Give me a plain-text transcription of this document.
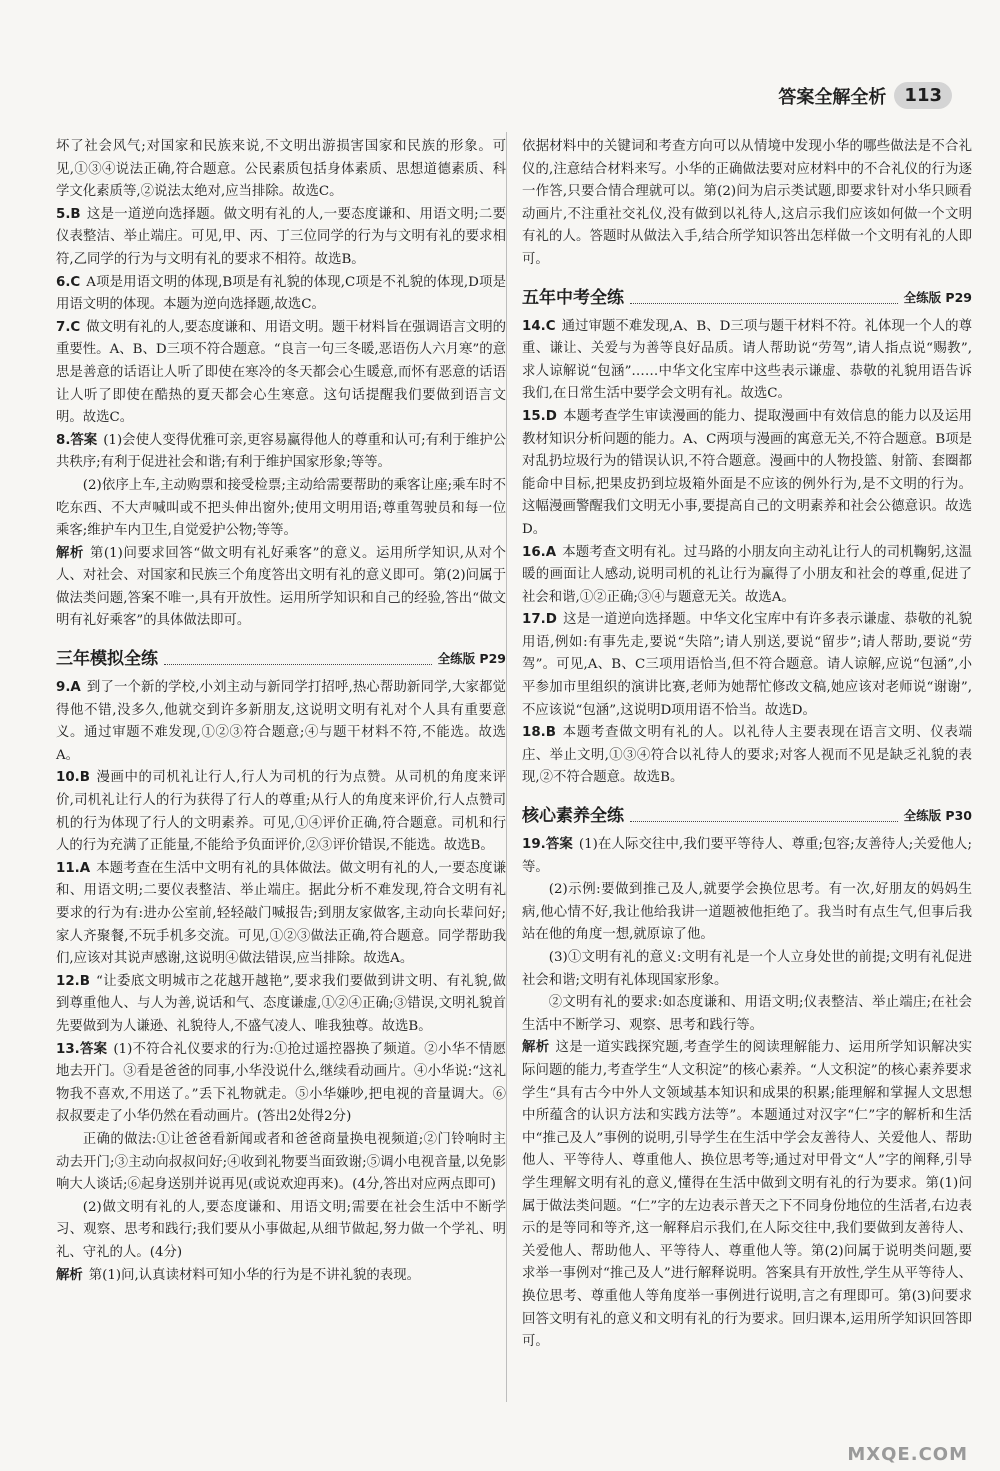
答案全解全析	113

坏了社会风气;对国家和民族来说,不文明出游损害国家和民族的形象。可见,①③④说法正确,符合题意。公民素质包括身体素质、思想道德素质、科学文化素质等,②说法太绝对,应当排除。故选C。

5.B 这是一道逆向选择题。做文明有礼的人,一要态度谦和、用语文明;二要仪表整洁、举止端庄。可见,甲、丙、丁三位同学的行为与文明有礼的要求相符,乙同学的行为与文明有礼的要求不相符。故选B。

6.C A项是用语文明的体现,B项是有礼貌的体现,C项是不礼貌的体现,D项是用语文明的体现。本题为逆向选择题,故选C。

7.C 做文明有礼的人,要态度谦和、用语文明。题干材料旨在强调语言文明的重要性。A、B、D三项不符合题意。“良言一句三冬暖,恶语伤人六月寒”的意思是善意的话语让人听了即使在寒冷的冬天都会心生暖意,而怀有恶意的话语让人听了即使在酷热的夏天都会心生寒意。这句话提醒我们要做到语言文明。故选C。

8.答案 (1)会使人变得优雅可亲,更容易赢得他人的尊重和认可;有利于维护公共秩序;有利于促进社会和谐;有利于维护国家形象;等等。

(2)依序上车,主动购票和接受检票;主动给需要帮助的乘客让座;乘车时不吃东西、不大声喊叫或不把头伸出窗外;使用文明用语;尊重驾驶员和每一位乘客;维护车内卫生,自觉爱护公物;等等。

解析 第(1)问要求回答“做文明有礼好乘客”的意义。运用所学知识,从对个人、对社会、对国家和民族三个角度答出文明有礼的意义即可。第(2)问属于做法类问题,答案不唯一,具有开放性。运用所学知识和自己的经验,答出“做文明有礼好乘客”的具体做法即可。

三年模拟全练	全练版 P29

9.A 到了一个新的学校,小刘主动与新同学打招呼,热心帮助新同学,大家都觉得他不错,没多久,他就交到许多新朋友,这说明文明有礼对个人具有重要意义。通过审题不难发现,①②③符合题意;④与题干材料不符,不能选。故选A。

10.B 漫画中的司机礼让行人,行人为司机的行为点赞。从司机的角度来评价,司机礼让行人的行为获得了行人的尊重;从行人的角度来评价,行人点赞司机的行为体现了行人的文明素养。可见,①④评价正确,符合题意。司机和行人的行为充满了正能量,不能给予负面评价,②③评价错误,不能选。故选B。

11.A 本题考查在生活中文明有礼的具体做法。做文明有礼的人,一要态度谦和、用语文明;二要仪表整洁、举止端庄。据此分析不难发现,符合文明有礼要求的行为有:进办公室前,轻轻敲门喊报告;到朋友家做客,主动向长辈问好;家人齐聚餐,不玩手机多交流。可见,①②③做法正确,符合题意。同学帮助我们,应该对其说声感谢,这说明④做法错误,应当排除。故选A。

12.B “让委底文明城市之花越开越艳”,要求我们要做到讲文明、有礼貌,做到尊重他人、与人为善,说话和气、态度谦虚,①②④正确;③错误,文明礼貌首先要做到为人谦逊、礼貌待人,不盛气凌人、唯我独尊。故选B。

13.答案 (1)不符合礼仪要求的行为:①抢过遥控器换了频道。②小华不情愿地去开门。③看是爸爸的同事,小华没说什么,继续看动画片。④小华说:“这礼物我不喜欢,不用送了。”丢下礼物就走。⑤小华嫌吵,把电视的音量调大。⑥叔叔要走了小华仍然在看动画片。(答出2处得2分)

正确的做法:①让爸爸看新闻或者和爸爸商量换电视频道;②门铃响时主动去开门;③主动向叔叔问好;④收到礼物要当面致谢;⑤调小电视音量,以免影响大人谈话;⑥起身送别并说再见(或说欢迎再来)。(4分,答出对应两点即可)

(2)做文明有礼的人,要态度谦和、用语文明;需要在社会生活中不断学习、观察、思考和践行;我们要从小事做起,从细节做起,努力做一个学礼、明礼、守礼的人。(4分)

解析 第(1)问,认真读材料可知小华的行为是不讲礼貌的表现。

依据材料中的关键词和考查方向可以从情境中发现小华的哪些做法是不合礼仪的,注意结合材料来写。小华的正确做法要对应材料中的不合礼仪的行为逐一作答,只要合情合理就可以。第(2)问为启示类试题,即要求针对小华只顾看动画片,不注重社交礼仪,没有做到以礼待人,这启示我们应该如何做一个文明有礼的人。答题时从做法入手,结合所学知识答出怎样做一个文明有礼的人即可。

五年中考全练	全练版 P29

14.C 通过审题不难发现,A、B、D三项与题干材料不符。礼体现一个人的尊重、谦让、关爱与为善等良好品质。请人帮助说“劳驾”,请人指点说“赐教”,求人谅解说“包涵”……中华文化宝库中这些表示谦虚、恭敬的礼貌用语告诉我们,在日常生活中要学会文明有礼。故选C。

15.D 本题考查学生审读漫画的能力、提取漫画中有效信息的能力以及运用教材知识分析问题的能力。A、C两项与漫画的寓意无关,不符合题意。B项是对乱扔垃圾行为的错误认识,不符合题意。漫画中的人物投篮、射箭、套圈都能命中目标,把果皮扔到垃圾箱外面是不应该的例外行为,是不文明的行为。这幅漫画警醒我们文明无小事,要提高自己的文明素养和社会公德意识。故选D。

16.A 本题考查文明有礼。过马路的小朋友向主动礼让行人的司机鞠躬,这温暖的画面让人感动,说明司机的礼让行为赢得了小朋友和社会的尊重,促进了社会和谐,①②正确;③④与题意无关。故选A。

17.D 这是一道逆向选择题。中华文化宝库中有许多表示谦虚、恭敬的礼貌用语,例如:有事先走,要说“失陪”;请人别送,要说“留步”;请人帮助,要说“劳驾”。可见,A、B、C三项用语恰当,但不符合题意。请人谅解,应说“包涵”,小平参加市里组织的演讲比赛,老师为她帮忙修改文稿,她应该对老师说“谢谢”,不应该说“包涵”,这说明D项用语不恰当。故选D。

18.B 本题考查做文明有礼的人。以礼待人主要表现在语言文明、仪表端庄、举止文明,①③④符合以礼待人的要求;对客人视而不见是缺乏礼貌的表现,②不符合题意。故选B。

核心素养全练	全练版 P30

19.答案 (1)在人际交往中,我们要平等待人、尊重;包容;友善待人;关爱他人;等。

(2)示例:要做到推己及人,就要学会换位思考。有一次,好朋友的妈妈生病,他心情不好,我让他给我讲一道题被他拒绝了。我当时有点生气,但事后我站在他的角度一想,就原谅了他。

(3)①文明有礼的意义:文明有礼是一个人立身处世的前提;文明有礼促进社会和谐;文明有礼体现国家形象。

②文明有礼的要求:如态度谦和、用语文明;仪表整洁、举止端庄;在社会生活中不断学习、观察、思考和践行等。

解析 这是一道实践探究题,考查学生的阅读理解能力、运用所学知识解决实际问题的能力,考查学生“人文积淀”的核心素养。“人文积淀”的核心素养要求学生“具有古今中外人文领域基本知识和成果的积累;能理解和掌握人文思想中所蕴含的认识方法和实践方法等”。本题通过对汉字“仁”字的解析和生活中“推己及人”事例的说明,引导学生在生活中学会友善待人、关爱他人、帮助他人、平等待人、尊重他人、换位思考等;通过对甲骨文“人”字的阐释,引导学生理解文明有礼的意义,懂得在生活中做到文明有礼的行为要求。第(1)问属于做法类问题。“仁”字的左边表示普天之下不同身份地位的生活者,右边表示的是等同和等齐,这一解释启示我们,在人际交往中,我们要做到友善待人、关爱他人、帮助他人、平等待人、尊重他人等。第(2)问属于说明类问题,要求举一事例对“推己及人”进行解释说明。答案具有开放性,学生从平等待人、换位思考、尊重他人等角度举一事例进行说明,言之有理即可。第(3)问要求回答文明有礼的意义和文明有礼的行为要求。回归课本,运用所学知识回答即可。

MXQE.COM
